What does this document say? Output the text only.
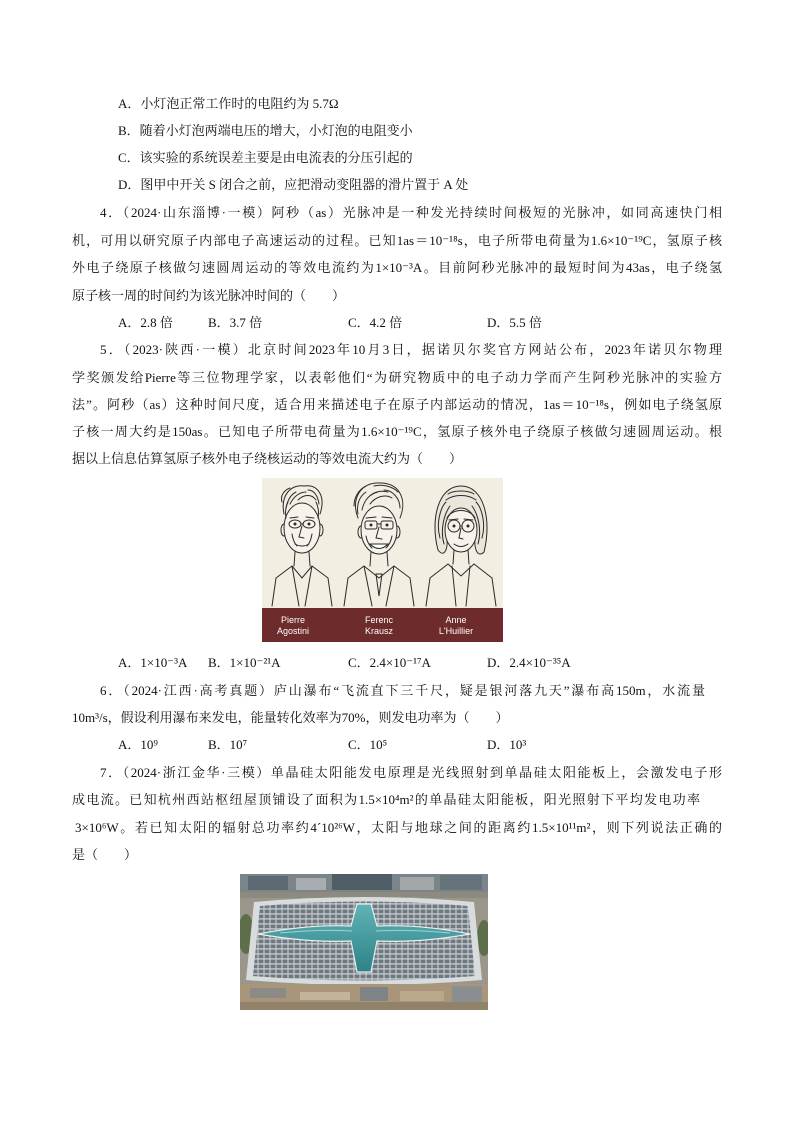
A．小灯泡正常工作时的电阻约为 5.7Ω
B．随着小灯泡两端电压的增大，小灯泡的电阻变小
C．该实验的系统误差主要是由电流表的分压引起的
D．图甲中开关 S 闭合之前，应把滑动变阻器的滑片置于 A 处
4．（2024·山东淄博·一模）阿秒（as）光脉冲是一种发光持续时间极短的光脉冲，如同高速快门相
机，可用以研究原子内部电子高速运动的过程。已知1as＝10⁻¹⁸s，电子所带电荷量为1.6×10⁻¹⁹C，氢原子核
外电子绕原子核做匀速圆周运动的等效电流约为1×10⁻³A。目前阿秒光脉冲的最短时间为43as，电子绕氢
原子核一周的时间约为该光脉冲时间的（　　）
A．2.8 倍	B．3.7 倍	C．4.2 倍	D．5.5 倍
5．（2023·陕西·一模）北京时间2023年10月3日，据诺贝尔奖官方网站公布，2023年诺贝尔物理
学奖颁发给Pierre等三位物理学家，以表彰他们“为研究物质中的电子动力学而产生阿秒光脉冲的实验方
法”。阿秒（as）这种时间尺度，适合用来描述电子在原子内部运动的情况，1as＝10⁻¹⁸s，例如电子绕氢原
子核一周大约是150as。已知电子所带电荷量为1.6×10⁻¹⁹C，氢原子核外电子绕原子核做匀速圆周运动。根
据以上信息估算氢原子核外电子绕核运动的等效电流大约为（　　）
Pierre
Agostini
Ferenc
Krausz
Anne
L'Huillier
A．1×10⁻³A B．1×10⁻²¹A	C．2.4×10⁻¹⁷A	D．2.4×10⁻³⁵A
6．（2024·江西·高考真题）庐山瀑布“飞流直下三千尺，疑是银河落九天”瀑布高150m，水流量
10m³/s，假设利用瀑布来发电，能量转化效率为70%，则发电功率为（　　）
A．10⁹	B．10⁷	C．10⁵	D．10³
7．（2024·浙江金华·三模）单晶硅太阳能发电原理是光线照射到单晶硅太阳能板上，会激发电子形
成电流。已知杭州西站枢纽屋顶铺设了面积为1.5×10⁴m²的单晶硅太阳能板，阳光照射下平均发电功率
3×10⁶W。若已知太阳的辐射总功率约4´10²⁶W，太阳与地球之间的距离约1.5×10¹¹m²，则下列说法正确的
是（　　）
